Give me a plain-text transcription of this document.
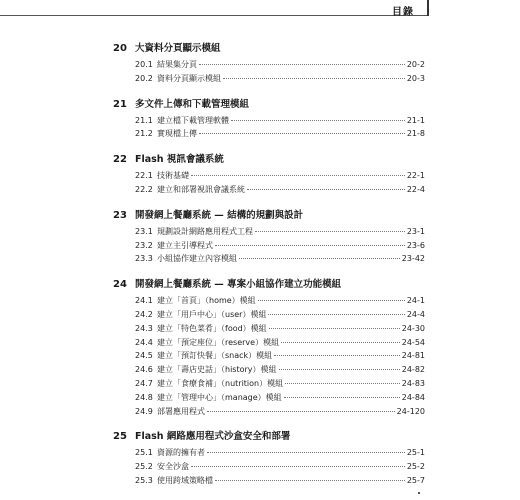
目錄
20 大資料分頁顯示模組
20.1 結果集分頁	20-2
20.2 資料分頁顯示模組	20-3
21 多文件上傳和下載管理模組
21.1 建立檔下載管理軟體	21-1
21.2 實現檔上傳	21-8
22 Flash 視訊會議系統
22.1 技術基礎	22-1
22.2 建立和部署視訊會議系統	22-4
23 開發網上餐廳系統 — 結構的規劃與設計
23.1 規劃設計網路應用程式工程	23-1
23.2 建立主引導程式	23-6
23.3 小組協作建立內容模組	23-42
24 開發網上餐廳系統 — 專案小組協作建立功能模組
24.1 建立「首頁」（home）模組	24-1
24.2 建立「用戶中心」（user）模組	24-4
24.3 建立「特色菜肴」（food）模組	24-30
24.4 建立「預定座位」（reserve）模組	24-54
24.5 建立「預訂快餐」（snack）模組	24-81
24.6 建立「壽店史話」（history）模組	24-82
24.7 建立「食療食補」（nutrition）模組	24-83
24.8 建立「管理中心」（manage）模組	24-84
24.9 部署應用程式	24-120
25 Flash 網路應用程式沙盒安全和部署
25.1 資源的擁有者	25-1
25.2 安全沙盒	25-2
25.3 使用跨域策略檔	25-7
